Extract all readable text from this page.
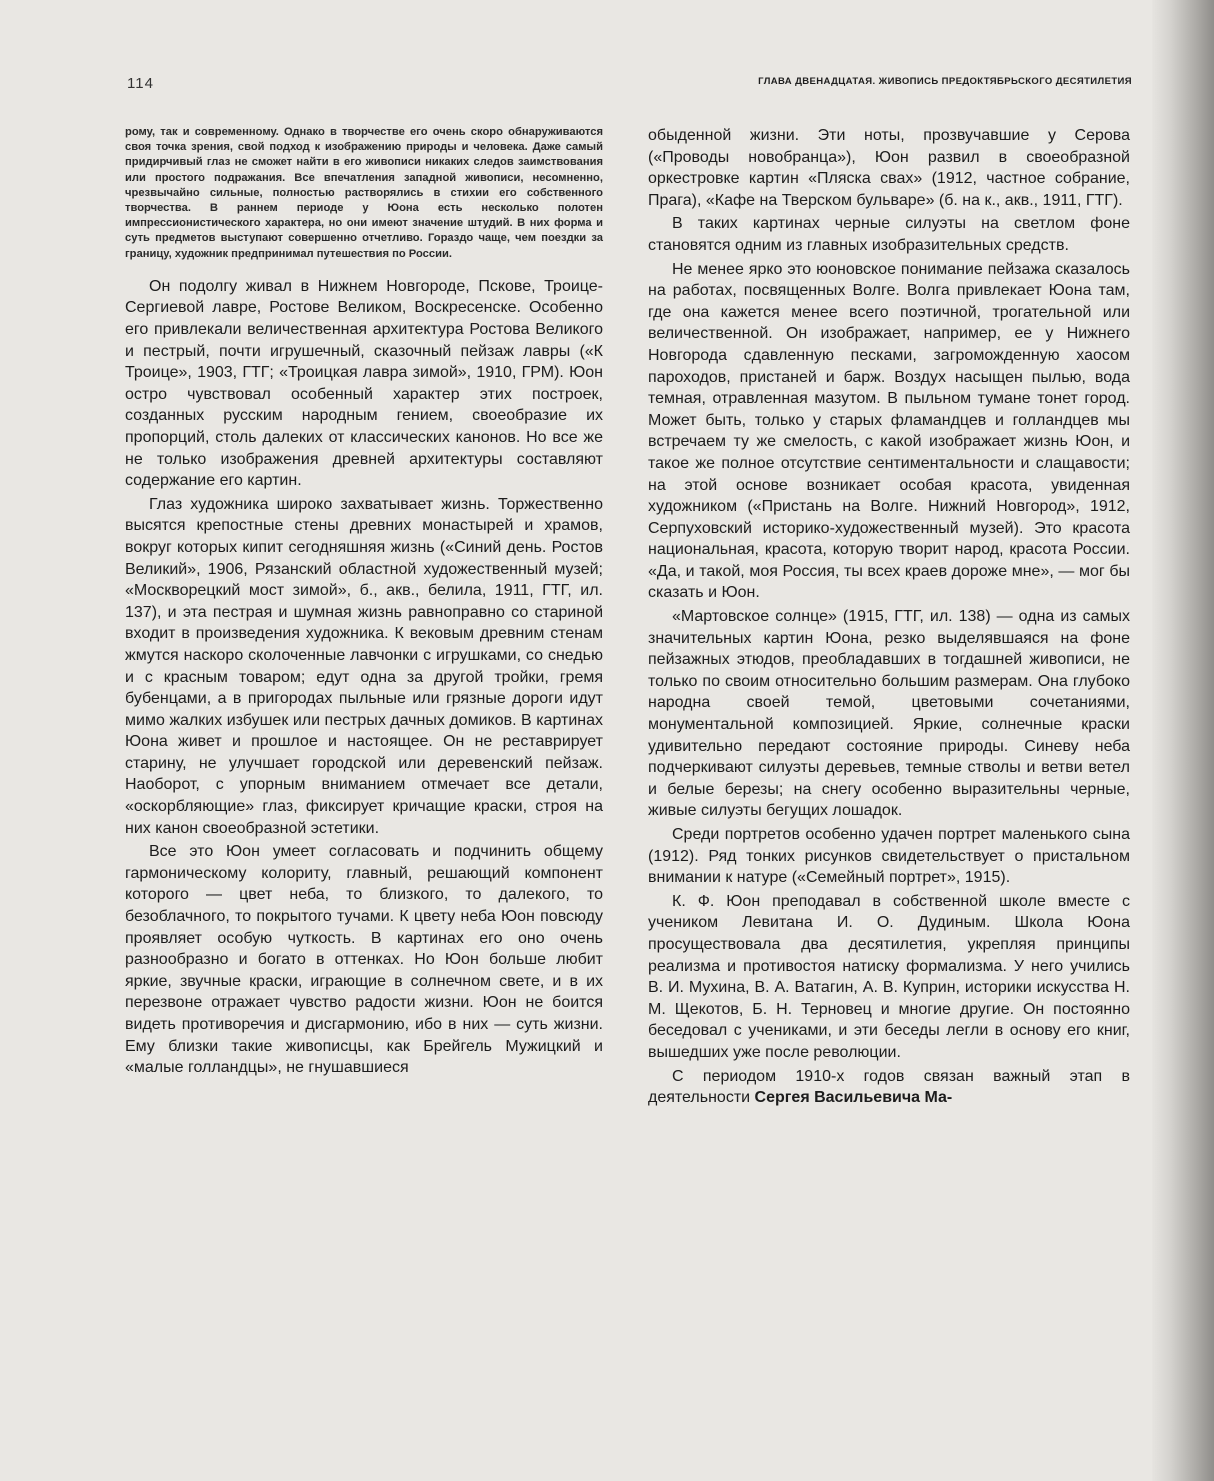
114	ГЛАВА ДВЕНАДЦАТАЯ. ЖИВОПИСЬ ПРЕДОКТЯБРЬСКОГО ДЕСЯТИЛЕТИЯ

рому, так и современному. Однако в творчестве его очень скоро обнаруживаются своя точка зрения, свой подход к изображению природы и человека. Даже самый придирчивый глаз не сможет найти в его живописи никаких следов заимствования или простого подражания. Все впечатления западной живописи, несомненно, чрезвычайно сильные, полностью растворялись в стихии его собственного творчества. В раннем периоде у Юона есть несколько полотен импрессионистического характера, но они имеют значение штудий. В них форма и суть предметов выступают совершенно отчетливо. Гораздо чаще, чем поездки за границу, художник предпринимал путешествия по России.

Он подолгу живал в Нижнем Новгороде, Пскове, Троице-Сергиевой лавре, Ростове Великом, Воскресенске. Особенно его привлекали величественная архитектура Ростова Великого и пестрый, почти игрушечный, сказочный пейзаж лавры («К Троице», 1903, ГТГ; «Троицкая лавра зимой», 1910, ГРМ). Юон остро чувствовал особенный характер этих построек, созданных русским народным гением, своеобразие их пропорций, столь далеких от классических канонов. Но все же не только изображения древней архитектуры составляют содержание его картин.

Глаз художника широко захватывает жизнь. Торжественно высятся крепостные стены древних монастырей и храмов, вокруг которых кипит сегодняшняя жизнь («Синий день. Ростов Великий», 1906, Рязанский областной художественный музей; «Москворецкий мост зимой», б., акв., белила, 1911, ГТГ, ил. 137), и эта пестрая и шумная жизнь равноправно со стариной входит в произведения художника. К вековым древним стенам жмутся наскоро сколоченные лавчонки с игрушками, со снедью и с красным товаром; едут одна за другой тройки, гремя бубенцами, а в пригородах пыльные или грязные дороги идут мимо жалких избушек или пестрых дачных домиков. В картинах Юона живет и прошлое и настоящее. Он не реставрирует старину, не улучшает городской или деревенский пейзаж. Наоборот, с упорным вниманием отмечает все детали, «оскорбляющие» глаз, фиксирует кричащие краски, строя на них канон своеобразной эстетики.

Все это Юон умеет согласовать и подчинить общему гармоническому колориту, главный, решающий компонент которого — цвет неба, то близкого, то далекого, то безоблачного, то покрытого тучами. К цвету неба Юон повсюду проявляет особую чуткость. В картинах его оно очень разнообразно и богато в оттенках. Но Юон больше любит яркие, звучные краски, играющие в солнечном свете, и в их перезвоне отражает чувство радости жизни. Юон не боится видеть противоречия и дисгармонию, ибо в них — суть жизни. Ему близки такие живописцы, как Брейгель Мужицкий и «малые голландцы», не гнушавшиеся

обыденной жизни. Эти ноты, прозвучавшие у Серова («Проводы новобранца»), Юон развил в своеобразной оркестровке картин «Пляска свах» (1912, частное собрание, Прага), «Кафе на Тверском бульваре» (б. на к., акв., 1911, ГТГ).

В таких картинах черные силуэты на светлом фоне становятся одним из главных изобразительных средств.

Не менее ярко это юоновское понимание пейзажа сказалось на работах, посвященных Волге. Волга привлекает Юона там, где она кажется менее всего поэтичной, трогательной или величественной. Он изображает, например, ее у Нижнего Новгорода сдавленную песками, загроможденную хаосом пароходов, пристаней и барж. Воздух насыщен пылью, вода темная, отравленная мазутом. В пыльном тумане тонет город. Может быть, только у старых фламандцев и голландцев мы встречаем ту же смелость, с какой изображает жизнь Юон, и такое же полное отсутствие сентиментальности и слащавости; на этой основе возникает особая красота, увиденная художником («Пристань на Волге. Нижний Новгород», 1912, Серпуховский историко-художественный музей). Это красота национальная, красота, которую творит народ, красота России. «Да, и такой, моя Россия, ты всех краев дороже мне», — мог бы сказать и Юон.

«Мартовское солнце» (1915, ГТГ, ил. 138) — одна из самых значительных картин Юона, резко выделявшаяся на фоне пейзажных этюдов, преобладавших в тогдашней живописи, не только по своим относительно большим размерам. Она глубоко народна своей темой, цветовыми сочетаниями, монументальной композицией. Яркие, солнечные краски удивительно передают состояние природы. Синеву неба подчеркивают силуэты деревьев, темные стволы и ветви ветел и белые березы; на снегу особенно выразительны черные, живые силуэты бегущих лошадок.

Среди портретов особенно удачен портрет маленького сына (1912). Ряд тонких рисунков свидетельствует о пристальном внимании к натуре («Семейный портрет», 1915).

К. Ф. Юон преподавал в собственной школе вместе с учеником Левитана И. О. Дудиным. Школа Юона просуществовала два десятилетия, укрепляя принципы реализма и противостоя натиску формализма. У него учились В. И. Мухина, В. А. Ватагин, А. В. Куприн, историки искусства Н. М. Щекотов, Б. Н. Терновец и многие другие. Он постоянно беседовал с учениками, и эти беседы легли в основу его книг, вышедших уже после революции.

С периодом 1910-х годов связан важный этап в деятельности Сергея Васильевича Ма-
